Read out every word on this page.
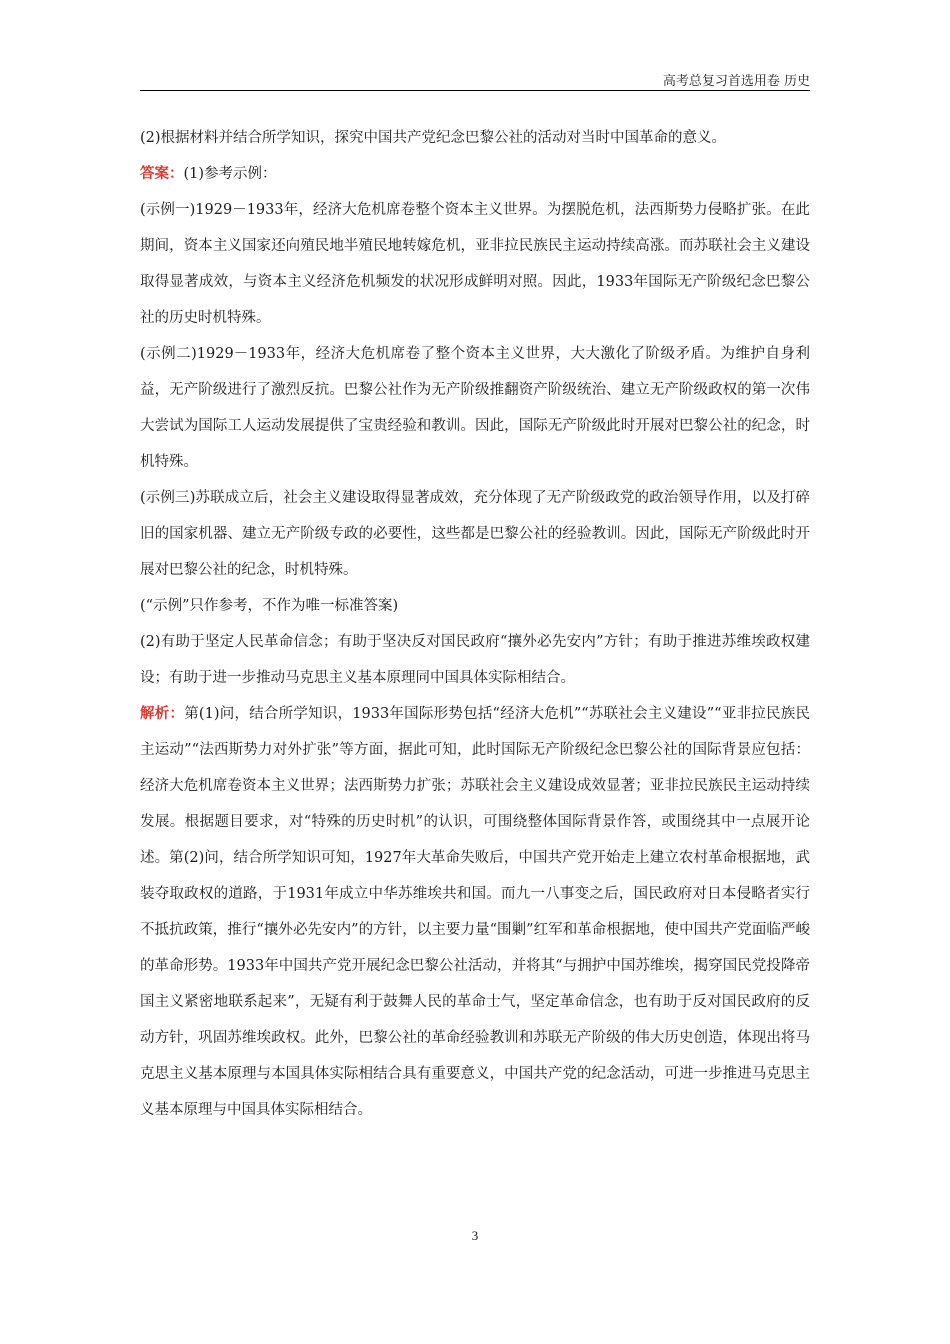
高考总复习首选用卷 历史

(2)根据材料并结合所学知识，探究中国共产党纪念巴黎公社的活动对当时中国革命的意义。

答案：(1)参考示例：

(示例一)1929－1933年，经济大危机席卷整个资本主义世界。为摆脱危机，法西斯势力侵略扩张。在此期间，资本主义国家还向殖民地半殖民地转嫁危机，亚非拉民族民主运动持续高涨。而苏联社会主义建设取得显著成效，与资本主义经济危机频发的状况形成鲜明对照。因此，1933年国际无产阶级纪念巴黎公社的历史时机特殊。

(示例二)1929－1933年，经济大危机席卷了整个资本主义世界，大大激化了阶级矛盾。为维护自身利益，无产阶级进行了激烈反抗。巴黎公社作为无产阶级推翻资产阶级统治、建立无产阶级政权的第一次伟大尝试为国际工人运动发展提供了宝贵经验和教训。因此，国际无产阶级此时开展对巴黎公社的纪念，时机特殊。

(示例三)苏联成立后，社会主义建设取得显著成效，充分体现了无产阶级政党的政治领导作用，以及打碎旧的国家机器、建立无产阶级专政的必要性，这些都是巴黎公社的经验教训。因此，国际无产阶级此时开展对巴黎公社的纪念，时机特殊。

(“示例”只作参考，不作为唯一标准答案)

(2)有助于坚定人民革命信念；有助于坚决反对国民政府“攘外必先安内”方针；有助于推进苏维埃政权建设；有助于进一步推动马克思主义基本原理同中国具体实际相结合。

解析：第(1)问，结合所学知识，1933年国际形势包括“经济大危机”“苏联社会主义建设”“亚非拉民族民主运动”“法西斯势力对外扩张”等方面，据此可知，此时国际无产阶级纪念巴黎公社的国际背景应包括：经济大危机席卷资本主义世界；法西斯势力扩张；苏联社会主义建设成效显著；亚非拉民族民主运动持续发展。根据题目要求，对“特殊的历史时机”的认识，可围绕整体国际背景作答，或围绕其中一点展开论述。第(2)问，结合所学知识可知，1927年大革命失败后，中国共产党开始走上建立农村革命根据地，武装夺取政权的道路，于1931年成立中华苏维埃共和国。而九一八事变之后，国民政府对日本侵略者实行不抵抗政策，推行“攘外必先安内”的方针，以主要力量“围剿”红军和革命根据地，使中国共产党面临严峻的革命形势。1933年中国共产党开展纪念巴黎公社活动，并将其“与拥护中国苏维埃，揭穿国民党投降帝国主义紧密地联系起来”，无疑有利于鼓舞人民的革命士气，坚定革命信念，也有助于反对国民政府的反动方针，巩固苏维埃政权。此外，巴黎公社的革命经验教训和苏联无产阶级的伟大历史创造，体现出将马克思主义基本原理与本国具体实际相结合具有重要意义，中国共产党的纪念活动，可进一步推进马克思主义基本原理与中国具体实际相结合。

3
